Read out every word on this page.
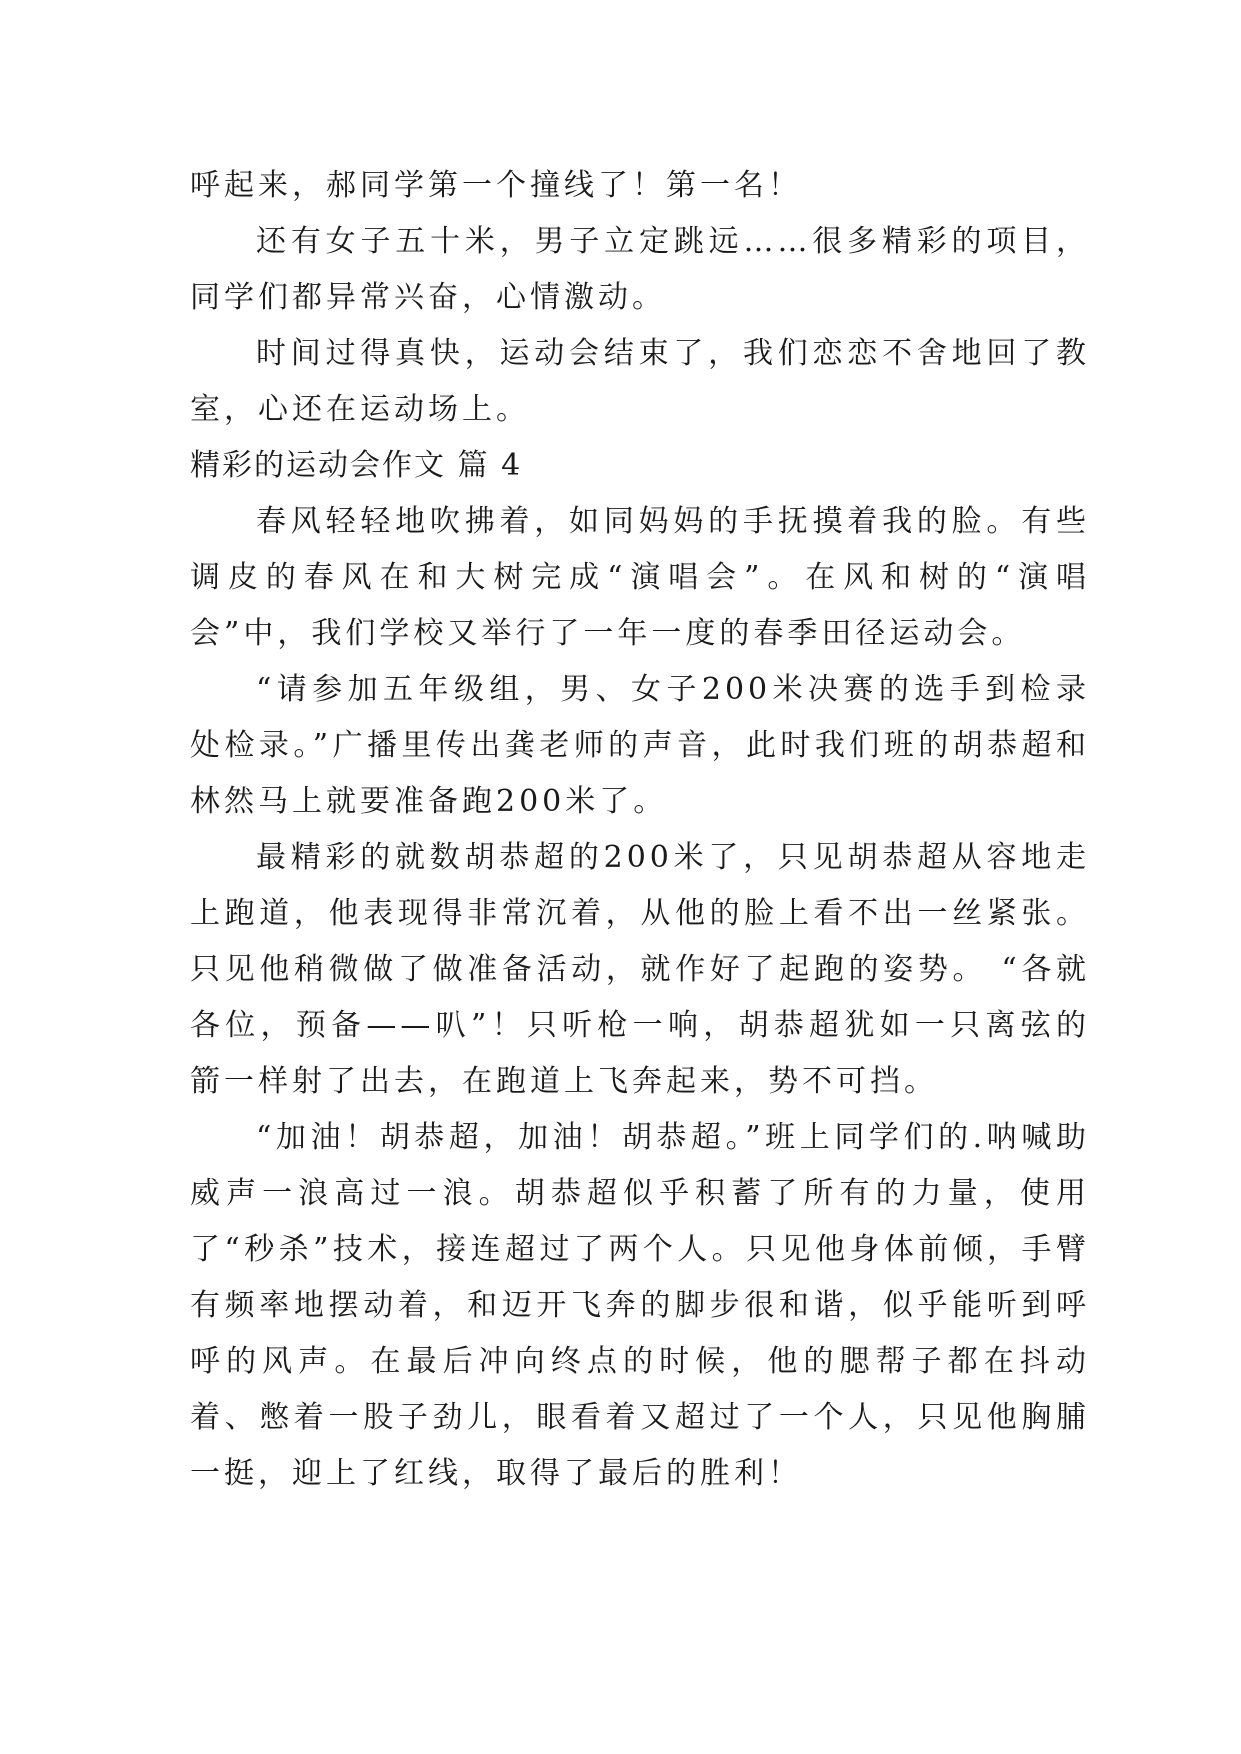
呼起来，郝同学第一个撞线了！第一名！

还有女子五十米，男子立定跳远……很多精彩的项目，同学们都异常兴奋，心情激动。

时间过得真快，运动会结束了，我们恋恋不舍地回了教室，心还在运动场上。

精彩的运动会作文 篇 4

春风轻轻地吹拂着，如同妈妈的手抚摸着我的脸。有些调皮的春风在和大树完成“演唱会”。在风和树的“演唱会”中，我们学校又举行了一年一度的春季田径运动会。

“请参加五年级组，男、女子200米决赛的选手到检录处检录。”广播里传出龚老师的声音，此时我们班的胡恭超和林然马上就要准备跑200米了。

最精彩的就数胡恭超的200米了，只见胡恭超从容地走上跑道，他表现得非常沉着，从他的脸上看不出一丝紧张。只见他稍微做了做准备活动，就作好了起跑的姿势。 “各就各位，预备——叭”！只听枪一响，胡恭超犹如一只离弦的箭一样射了出去，在跑道上飞奔起来，势不可挡。

“加油！胡恭超，加油！胡恭超。”班上同学们的.呐喊助威声一浪高过一浪。胡恭超似乎积蓄了所有的力量，使用了“秒杀”技术，接连超过了两个人。只见他身体前倾，手臂有频率地摆动着，和迈开飞奔的脚步很和谐，似乎能听到呼呼的风声。在最后冲向终点的时候，他的腮帮子都在抖动着、憋着一股子劲儿，眼看着又超过了一个人，只见他胸脯一挺，迎上了红线，取得了最后的胜利！
